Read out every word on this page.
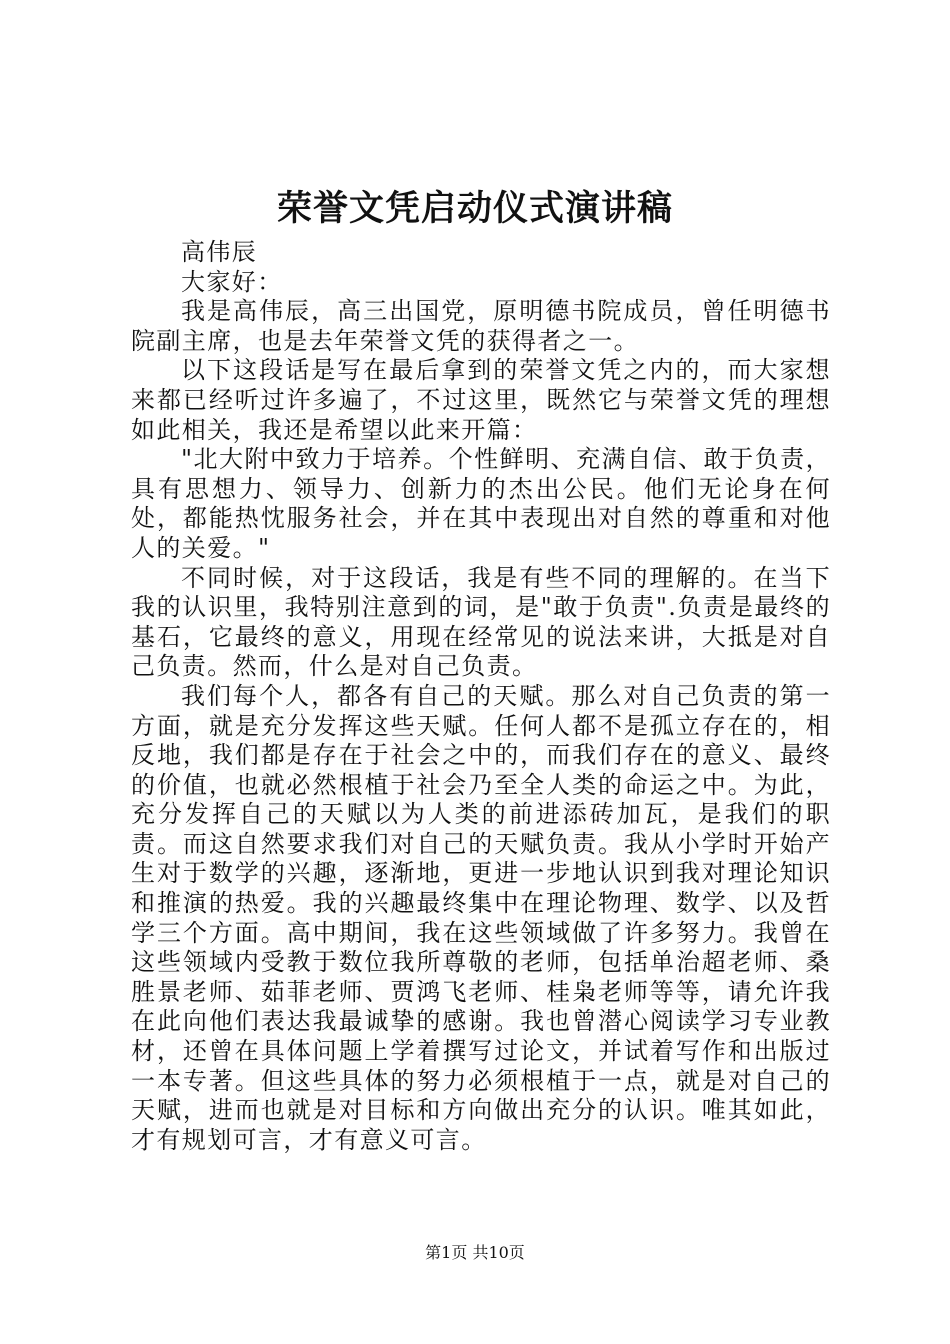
荣誉文凭启动仪式演讲稿

高伟辰

大家好：

我是高伟辰，高三出国党，原明德书院成员，曾任明德书院副主席，也是去年荣誉文凭的获得者之一。

以下这段话是写在最后拿到的荣誉文凭之内的，而大家想来都已经听过许多遍了，不过这里，既然它与荣誉文凭的理想如此相关，我还是希望以此来开篇：

"北大附中致力于培养。个性鲜明、充满自信、敢于负责，具有思想力、领导力、创新力的杰出公民。他们无论身在何处，都能热忱服务社会，并在其中表现出对自然的尊重和对他人的关爱。"

不同时候，对于这段话，我是有些不同的理解的。在当下我的认识里，我特别注意到的词，是"敢于负责".负责是最终的基石，它最终的意义，用现在经常见的说法来讲，大抵是对自己负责。然而，什么是对自己负责。

我们每个人，都各有自己的天赋。那么对自己负责的第一方面，就是充分发挥这些天赋。任何人都不是孤立存在的，相反地，我们都是存在于社会之中的，而我们存在的意义、最终的价值，也就必然根植于社会乃至全人类的命运之中。为此，充分发挥自己的天赋以为人类的前进添砖加瓦，是我们的职责。而这自然要求我们对自己的天赋负责。我从小学时开始产生对于数学的兴趣，逐渐地，更进一步地认识到我对理论知识和推演的热爱。我的兴趣最终集中在理论物理、数学、以及哲学三个方面。高中期间，我在这些领域做了许多努力。我曾在这些领域内受教于数位我所尊敬的老师，包括单治超老师、桑胜景老师、茹菲老师、贾鸿飞老师、桂枭老师等等，请允许我在此向他们表达我最诚挚的感谢。我也曾潜心阅读学习专业教材，还曾在具体问题上学着撰写过论文，并试着写作和出版过一本专著。但这些具体的努力必须根植于一点，就是对自己的天赋，进而也就是对目标和方向做出充分的认识。唯其如此，才有规划可言，才有意义可言。

第1页 共10页
